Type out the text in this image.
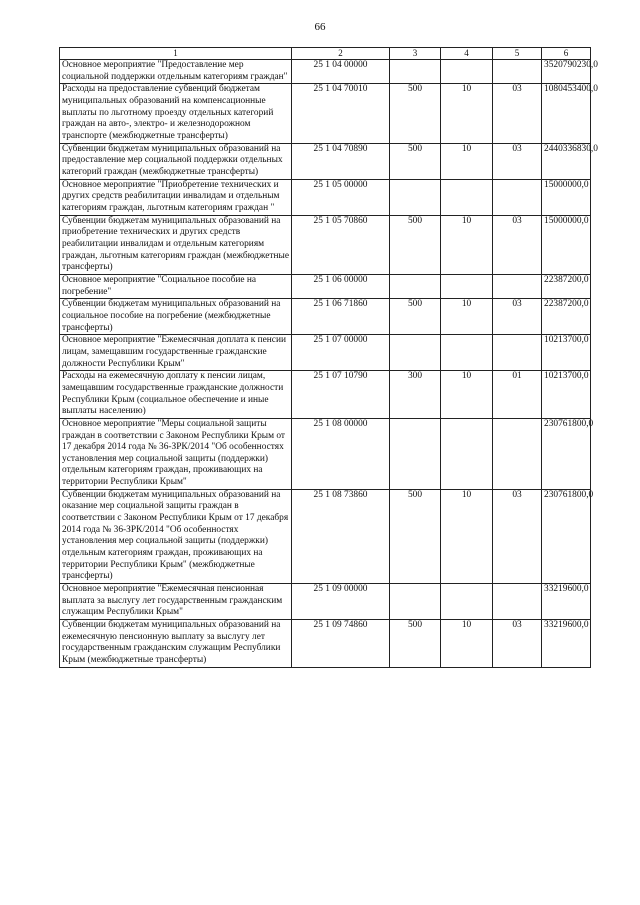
66
1	2	3	4	5	6
Основное мероприятие "Предоставление мер социальной поддержки отдельным категориям граждан"	25 1 04 00000				3520790230,0
Расходы на предоставление субвенций бюджетам муниципальных образований на компенсационные выплаты по льготному проезду отдельных категорий граждан на авто-, электро- и железнодорожном транспорте (межбюджетные трансферты)	25 1 04 70010	500	10	03	1080453400,0
Субвенции бюджетам муниципальных образований на предоставление мер социальной поддержки отдельных категорий граждан (межбюджетные трансферты)	25 1 04 70890	500	10	03	2440336830,0
Основное мероприятие "Приобретение технических и других средств реабилитации инвалидам и отдельным категориям граждан, льготным категориям граждан "	25 1 05 00000				15000000,0
Субвенции бюджетам муниципальных образований на приобретение технических и других средств реабилитации инвалидам и отдельным категориям граждан, льготным категориям граждан (межбюджетные трансферты)	25 1 05 70860	500	10	03	15000000,0
Основное мероприятие "Социальное пособие на погребение"	25 1 06 00000				22387200,0
Субвенции бюджетам муниципальных образований на социальное пособие на погребение (межбюджетные трансферты)	25 1 06 71860	500	10	03	22387200,0
Основное мероприятие "Ежемесячная доплата к пенсии лицам, замещавшим государственные гражданские должности Республики Крым"	25 1 07 00000				10213700,0
Расходы на ежемесячную доплату к пенсии лицам, замещавшим государственные гражданские должности Республики Крым (социальное обеспечение и иные выплаты населению)	25 1 07 10790	300	10	01	10213700,0
Основное мероприятие "Меры социальной защиты граждан в соответствии с Законом Республики Крым от 17 декабря 2014 года № 36-ЗРК/2014 "Об особенностях установления мер социальной защиты (поддержки) отдельным категориям граждан, проживающих на территории Республики Крым"	25 1 08 00000				230761800,0
Субвенции бюджетам муниципальных образований на оказание мер социальной защиты граждан в соответствии с Законом Республики Крым от 17 декабря 2014 года № 36-ЗРК/2014 "Об особенностях установления мер социальной защиты (поддержки) отдельным категориям граждан, проживающих на территории Республики Крым" (межбюджетные трансферты)	25 1 08 73860	500	10	03	230761800,0
Основное мероприятие "Ежемесячная пенсионная выплата за выслугу лет государственным гражданским служащим Республики Крым"	25 1 09 00000				33219600,0
Субвенции бюджетам муниципальных образований на ежемесячную пенсионную выплату за выслугу лет государственным гражданским служащим Республики Крым (межбюджетные трансферты)	25 1 09 74860	500	10	03	33219600,0
